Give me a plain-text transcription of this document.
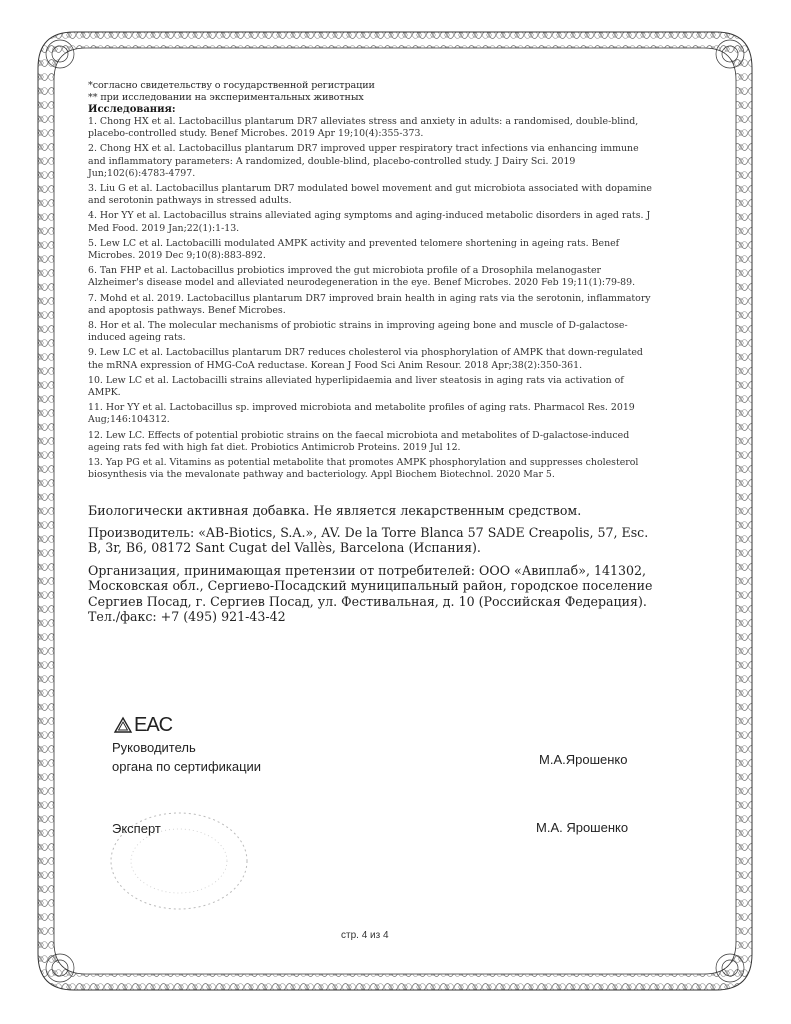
*согласно свидетельству о государственной регистрации

** при исследовании на экспериментальных животных

Исследования:

1. Chong HX et al. Lactobacillus plantarum DR7 alleviates stress and anxiety in adults: a randomised, double-blind, placebo-controlled study. Benef Microbes. 2019 Apr 19;10(4):355-373.

2. Chong HX et al. Lactobacillus plantarum DR7 improved upper respiratory tract infections via enhancing immune and inflammatory parameters: A randomized, double-blind, placebo-controlled study. J Dairy Sci. 2019 Jun;102(6):4783-4797.

3. Liu G et al. Lactobacillus plantarum DR7 modulated bowel movement and gut microbiota associated with dopamine and serotonin pathways in stressed adults.

4. Hor YY et al. Lactobacillus strains alleviated aging symptoms and aging-induced metabolic disorders in aged rats. J Med Food. 2019 Jan;22(1):1-13.

5. Lew LC et al. Lactobacilli modulated AMPK activity and prevented telomere shortening in ageing rats. Benef Microbes. 2019 Dec 9;10(8):883-892.

6. Tan FHP et al. Lactobacillus probiotics improved the gut microbiota profile of a Drosophila melanogaster Alzheimer's disease model and alleviated neurodegeneration in the eye. Benef Microbes. 2020 Feb 19;11(1):79-89.

7. Mohd et al. 2019. Lactobacillus plantarum DR7 improved brain health in aging rats via the serotonin, inflammatory and apoptosis pathways. Benef Microbes.

8. Hor et al. The molecular mechanisms of probiotic strains in improving ageing bone and muscle of D-galactose-induced ageing rats.

9. Lew LC et al. Lactobacillus plantarum DR7 reduces cholesterol via phosphorylation of AMPK that down-regulated the mRNA expression of HMG-CoA reductase. Korean J Food Sci Anim Resour. 2018 Apr;38(2):350-361.

10. Lew LC et al. Lactobacilli strains alleviated hyperlipidaemia and liver steatosis in aging rats via activation of AMPK.

11. Hor YY et al. Lactobacillus sp. improved microbiota and metabolite profiles of aging rats. Pharmacol Res. 2019 Aug;146:104312.

12. Lew LC. Effects of potential probiotic strains on the faecal microbiota and metabolites of D-galactose-induced ageing rats fed with high fat diet. Probiotics Antimicrob Proteins. 2019 Jul 12.

13. Yap PG et al. Vitamins as potential metabolite that promotes AMPK phosphorylation and suppresses cholesterol biosynthesis via the mevalonate pathway and bacteriology. Appl Biochem Biotechnol. 2020 Mar 5.

Биологически активная добавка. Не является лекарственным средством.

Производитель: «AB-Biotics, S.A.», AV. De la Torre Blanca 57 SADE Creapolis, 57, Esc. B, 3r, B6, 08172 Sant Cugat del Vallès, Barcelona (Испания).

Организация, принимающая претензии от потребителей: ООО «Авиплаб», 141302, Московская обл., Сергиево-Посадский муниципальный район, городское поселение Сергиев Посад, г. Сергиев Посад, ул. Фестивальная, д. 10 (Российская Федерация).

Тел./факс: +7 (495) 921-43-42

EAC
Руководитель
органа по сертификации	М.А.Ярошенко
Эксперт	М.А. Ярошенко
стр. 4 из 4
